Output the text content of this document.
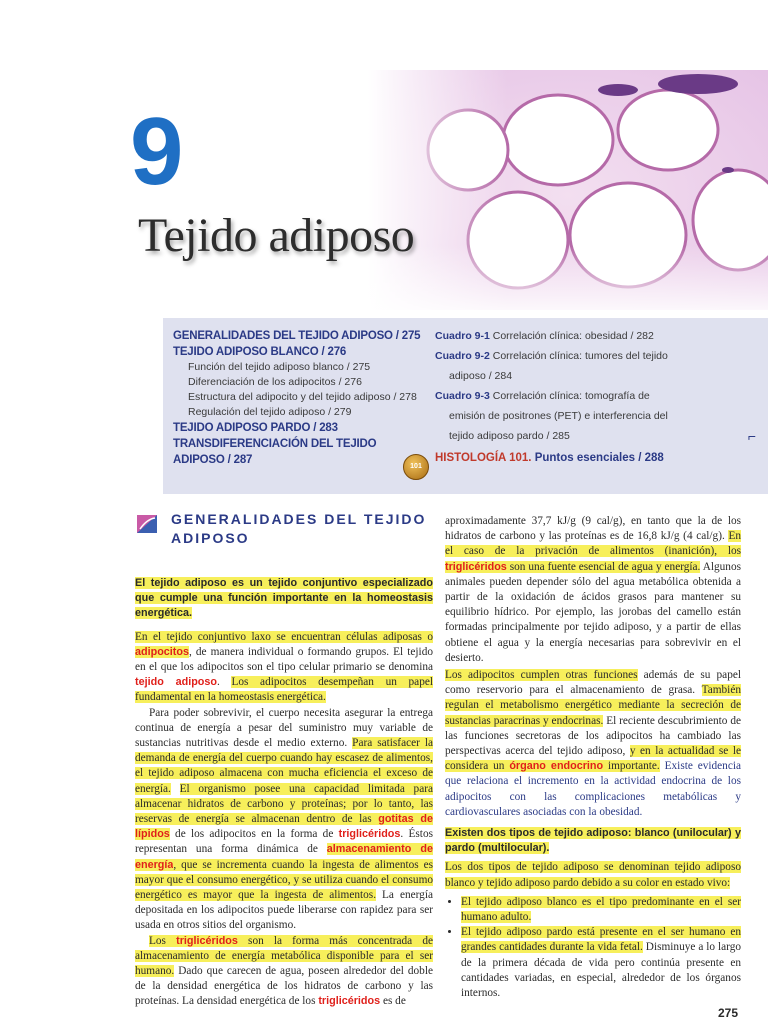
9
Tejido adiposo
GENERALIDADES DEL TEJIDO ADIPOSO / 275
TEJIDO ADIPOSO BLANCO / 276
Función del tejido adiposo blanco / 275
Diferenciación de los adipocitos / 276
Estructura del adipocito y del tejido adiposo / 278
Regulación del tejido adiposo / 279
TEJIDO ADIPOSO PARDO / 283
TRANSDIFERENCIACIÓN DEL TEJIDO
ADIPOSO / 287
Cuadro 9-1 Correlación clínica: obesidad / 282
Cuadro 9-2 Correlación clínica: tumores del tejido
adiposo / 284
Cuadro 9-3 Correlación clínica: tomografía de
emisión de positrones (PET) e interferencia del
tejido adiposo pardo / 285
HISTOLOGÍA 101. Puntos esenciales / 288
101
⌐
GENERALIDADES DEL TEJIDO
ADIPOSO
El tejido adiposo es un tejido conjuntivo especializado que cumple una función importante en la homeostasis energética.
En el tejido conjuntivo laxo se encuentran células adiposas o adipocitos, de manera individual o formando grupos. El tejido en el que los adipocitos son el tipo celular primario se denomina tejido adiposo. Los adipocitos desempeñan un papel fundamental en la homeostasis energética.
Para poder sobrevivir, el cuerpo necesita asegurar la entrega continua de energía a pesar del suministro muy variable de sustancias nutritivas desde el medio externo. Para satisfacer la demanda de energía del cuerpo cuando hay escasez de alimentos, el tejido adiposo almacena con mucha eficiencia el exceso de energía. El organismo posee una capacidad limitada para almacenar hidratos de carbono y proteínas; por lo tanto, las reservas de energía se almacenan dentro de las gotitas de lípidos de los adipocitos en la forma de triglicéridos. Éstos representan una forma dinámica de almacenamiento de energía, que se incrementa cuando la ingesta de alimentos es mayor que el consumo energético, y se utiliza cuando el consumo energético es mayor que la ingesta de alimentos. La energía depositada en los adipocitos puede liberarse con rapidez para ser usada en otros sitios del organismo.
Los triglicéridos son la forma más concentrada de almacenamiento de energía metabólica disponible para el ser humano. Dado que carecen de agua, poseen alrededor del doble de la densidad energética de los hidratos de carbono y las proteínas. La densidad energética de los triglicéridos es de
aproximadamente 37,7 kJ/g (9 cal/g), en tanto que la de los hidratos de carbono y las proteínas es de 16,8 kJ/g (4 cal/g). En el caso de la privación de alimentos (inanición), los triglicéridos son una fuente esencial de agua y energía. Algunos animales pueden depender sólo del agua metabólica obtenida a partir de la oxidación de ácidos grasos para mantener su equilibrio hídrico. Por ejemplo, las jorobas del camello están formadas principalmente por tejido adiposo, y a partir de ellas obtiene el agua y la energía necesarias para sobrevivir en el desierto.
Los adipocitos cumplen otras funciones además de su papel como reservorio para el almacenamiento de grasa. También regulan el metabolismo energético mediante la secreción de sustancias paracrinas y endocrinas. El reciente descubrimiento de las funciones secretoras de los adipocitos ha cambiado las perspectivas acerca del tejido adiposo, y en la actualidad se le considera un órgano endocrino importante. Existe evidencia que relaciona el incremento en la actividad endocrina de los adipocitos con las complicaciones metabólicas y cardiovasculares asociadas con la obesidad.
Existen dos tipos de tejido adiposo: blanco (unilocular) y pardo (multilocular).
Los dos tipos de tejido adiposo se denominan tejido adiposo blanco y tejido adiposo pardo debido a su color en estado vivo:
• El tejido adiposo blanco es el tipo predominante en el ser humano adulto.
• El tejido adiposo pardo está presente en el ser humano en grandes cantidades durante la vida fetal. Disminuye a lo largo de la primera década de vida pero continúa presente en cantidades variadas, en especial, alrededor de los órganos internos.
275
